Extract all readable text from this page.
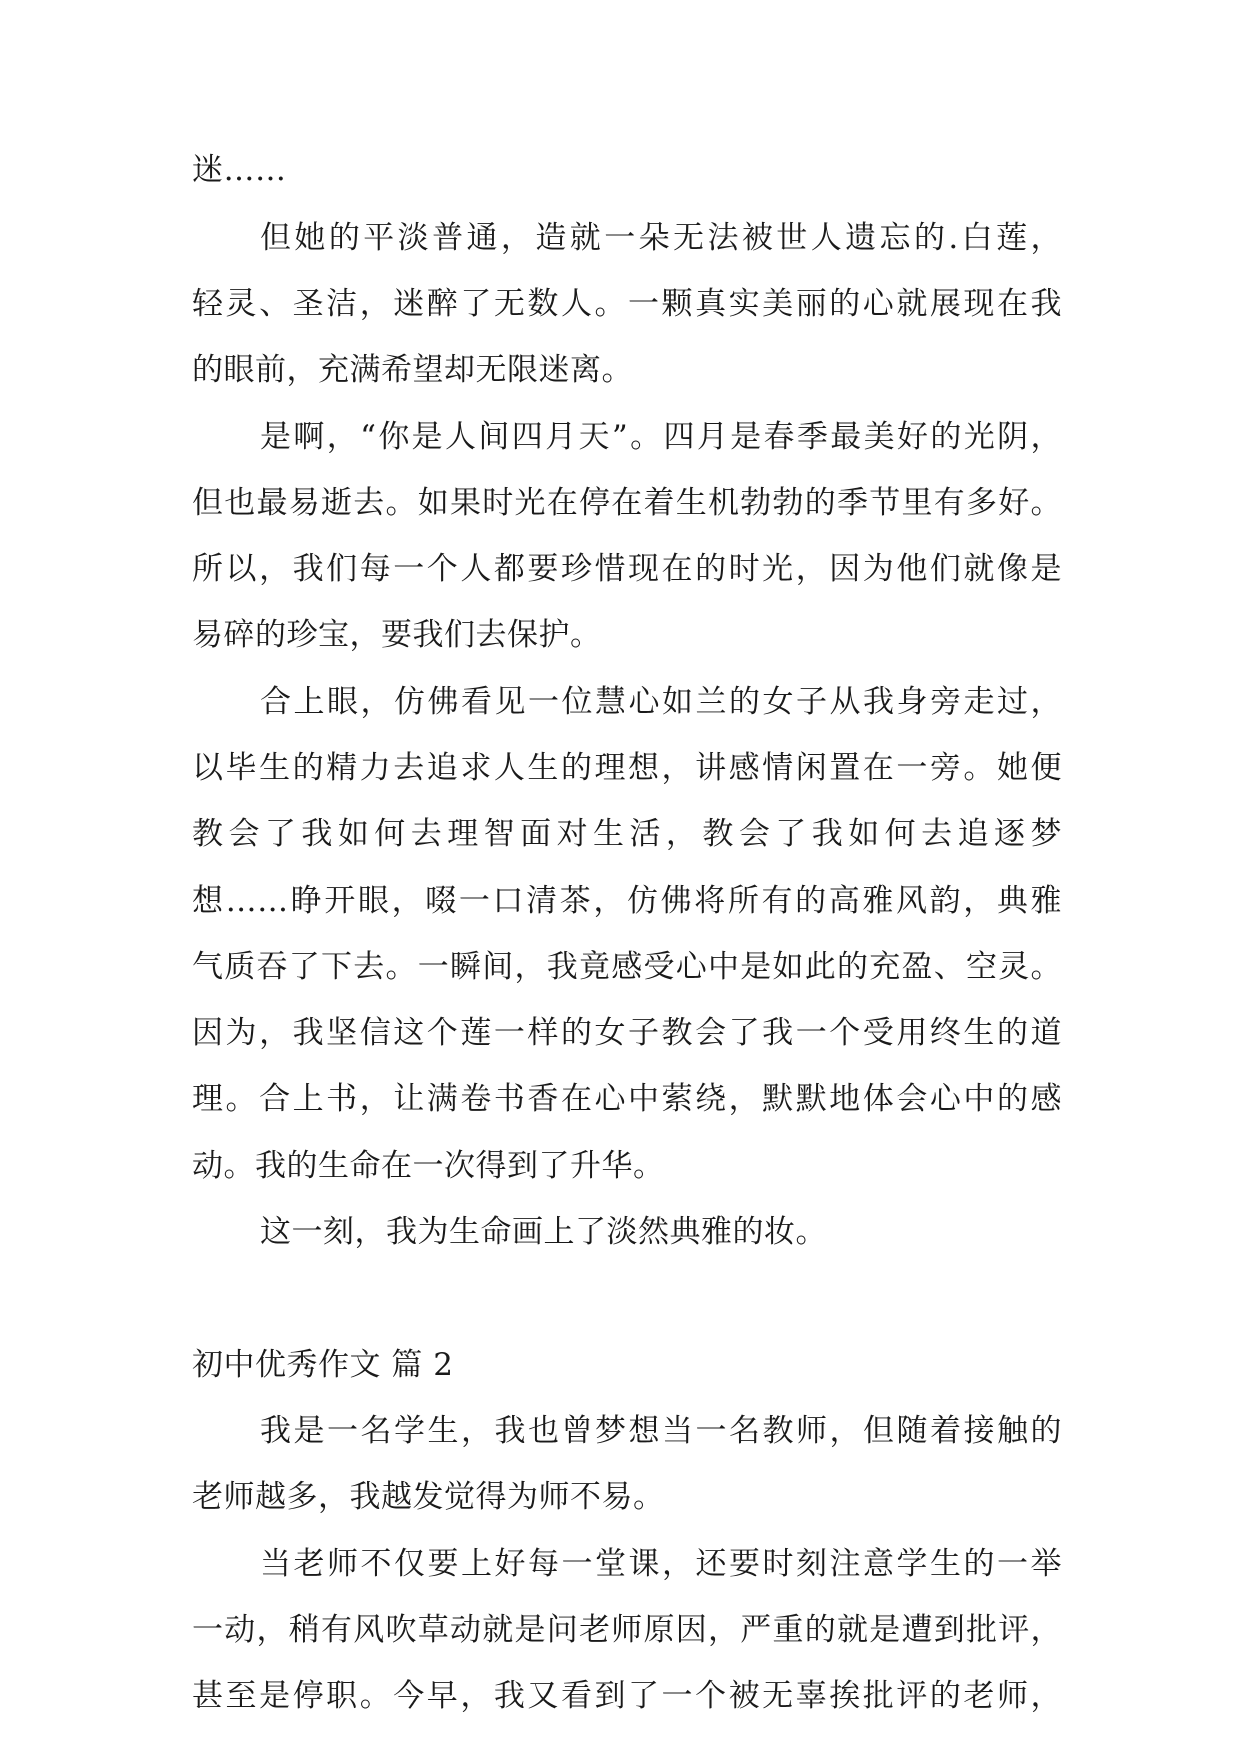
迷……
但她的平淡普通，造就一朵无法被世人遗忘的.白莲，
轻灵、圣洁，迷醉了无数人。一颗真实美丽的心就展现在我
的眼前，充满希望却无限迷离。
是啊，“你是人间四月天”。四月是春季最美好的光阴，
但也最易逝去。如果时光在停在着生机勃勃的季节里有多好。
所以，我们每一个人都要珍惜现在的时光，因为他们就像是
易碎的珍宝，要我们去保护。
合上眼，仿佛看见一位慧心如兰的女子从我身旁走过，
以毕生的精力去追求人生的理想，讲感情闲置在一旁。她便
教会了我如何去理智面对生活，教会了我如何去追逐梦
想……睁开眼，啜一口清茶，仿佛将所有的高雅风韵，典雅
气质吞了下去。一瞬间，我竟感受心中是如此的充盈、空灵。
因为，我坚信这个莲一样的女子教会了我一个受用终生的道
理。合上书，让满卷书香在心中萦绕，默默地体会心中的感
动。我的生命在一次得到了升华。
这一刻，我为生命画上了淡然典雅的妆。
初中优秀作文 篇 2
我是一名学生，我也曾梦想当一名教师，但随着接触的
老师越多，我越发觉得为师不易。
当老师不仅要上好每一堂课，还要时刻注意学生的一举
一动，稍有风吹草动就是问老师原因，严重的就是遭到批评，
甚至是停职。今早，我又看到了一个被无辜挨批评的老师，
